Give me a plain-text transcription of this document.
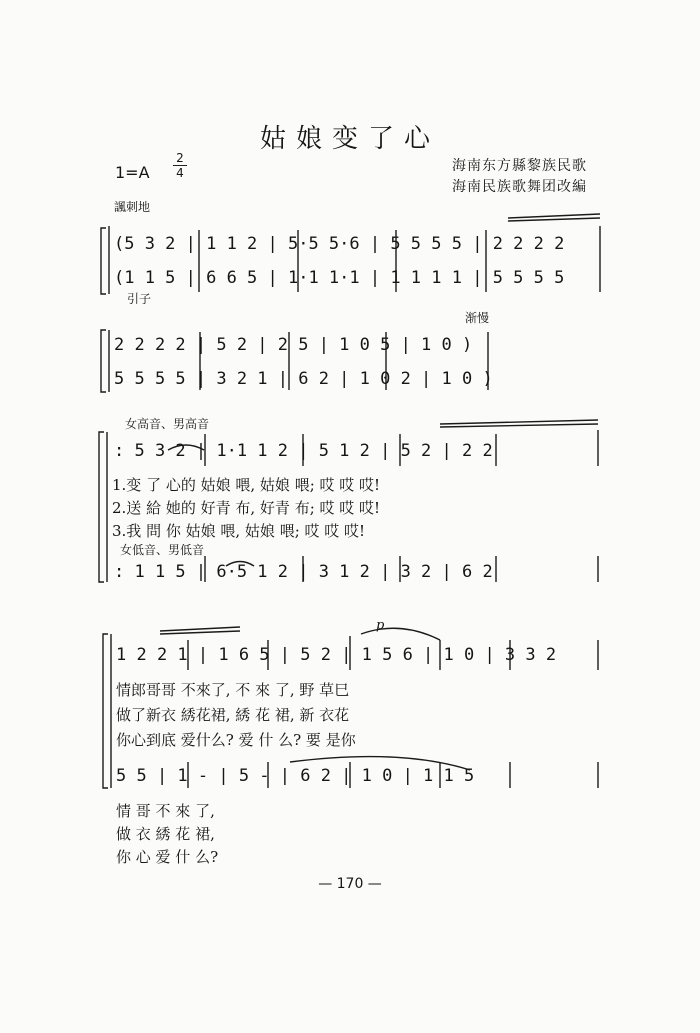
姑娘变了心
海南东方縣黎族民歌
海南民族歌舞团改編
1=A
2
4
諷刺地
(5 3 2 | 1 1 2 | 5·5 5·6 | 5 5 5 5 | 2 2 2 2
(1 1 5 | 6 6 5 | 1·1 1·1 | 1 1 1 1 | 5 5 5 5
引子
渐慢
2 2 2 2 | 5 2 | 2 5 | 1 0 5 | 1 0 )
5 5 5 5 | 3 2 1 | 6 2 | 1 0 2 | 1 0 )
女高音、男高音
: 5 3 2 | 1·1 1 2 | 5 1 2 | 5 2 | 2 2
1.变 了 心的 姑娘 喂, 姑娘 喂; 哎 哎 哎!
2.送 給 她的 好青 布, 好青 布; 哎 哎 哎!
3.我 問 你 姑娘 喂, 姑娘 喂; 哎 哎 哎!
女低音、男低音
: 1 1 5 | 6·5 1 2 | 3 1 2 | 3 2 | 6 2
p
1 2 2 1 | 1 6 5 | 5 2 | 1 5 6 | 1 0 | 3 3 2
情郎哥哥 不來了, 不 來 了, 野 草巳
做了新衣 綉花裙, 綉 花 裙, 新 衣花
你心到底 爱什么? 爱 什 么? 要 是你
5 5 | 1 - | 5 - | 6 2 | 1 0 | 1 1 5
情 哥 不 來 了,
做 衣 綉 花 裙,
你 心 爱 什 么?
— 170 —
